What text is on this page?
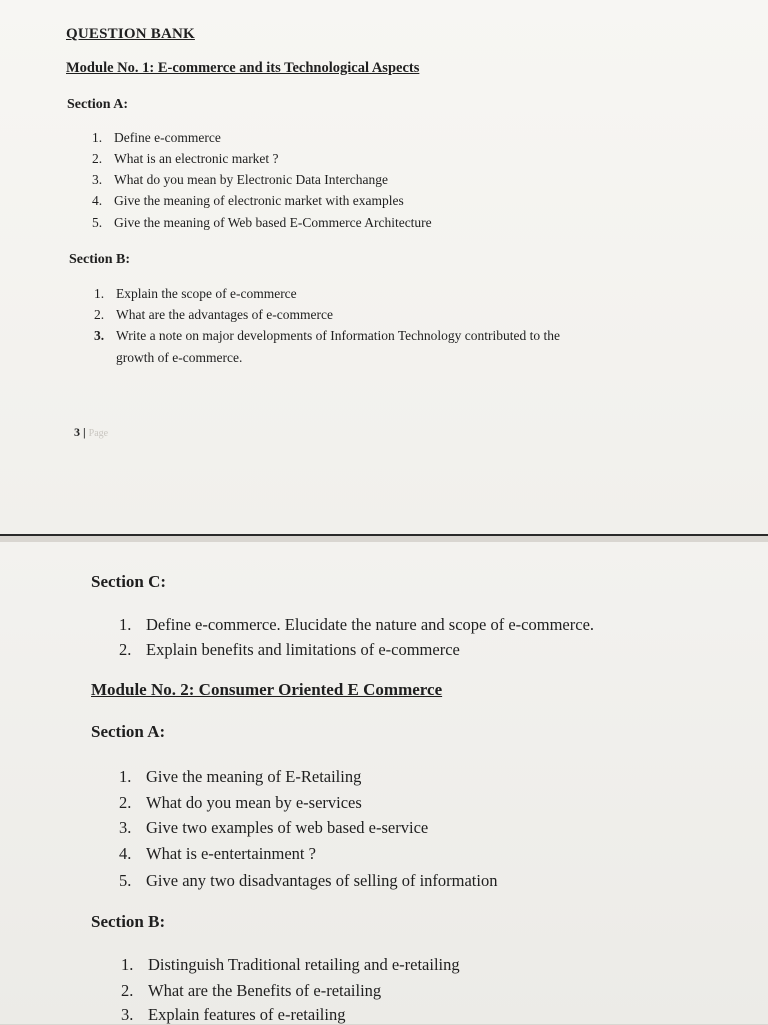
QUESTION BANK
Module No. 1: E-commerce and its Technological Aspects
Section A:
1. Define e-commerce
2. What is an electronic market ?
3. What do you mean by Electronic Data Interchange
4. Give the meaning of electronic market with examples
5. Give the meaning of Web based E-Commerce Architecture
Section B:
1. Explain the scope of e-commerce
2. What are the advantages of e-commerce
3. Write a note on major developments of Information Technology contributed to the
growth of e-commerce.
3 | Page
Section C:
1. Define e-commerce. Elucidate the nature and scope of e-commerce.
2. Explain benefits and limitations of e-commerce
Module No. 2: Consumer Oriented E Commerce
Section A:
1. Give the meaning of E-Retailing
2. What do you mean by e-services
3. Give two examples of web based e-service
4. What is e-entertainment ?
5. Give any two disadvantages of selling of information
Section B:
1. Distinguish Traditional retailing and e-retailing
2. What are the Benefits of e-retailing
3. Explain features of e-retailing
